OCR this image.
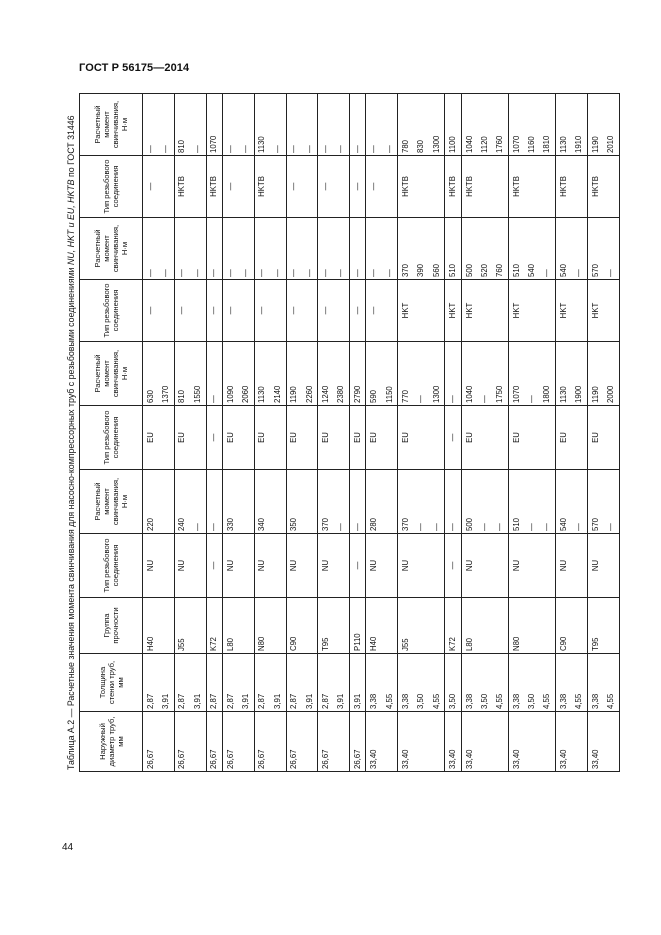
ГОСТ Р 56175—2014
Таблица А.2 — Расчетные значения момента свинчивания для насосно-компрессорных труб с резьбовыми соединениями NU, HKT и EU, HKTB по ГОСТ 31446
Наружный диаметр труб, мм	Толщина стенки труб, мм	Группа прочности	Тип резьбового соединения	Расчетный момент свинчивания, Н·м	Тип резьбового соединения	Расчетный момент свинчивания, Н·м	Тип резьбового соединения	Расчетный момент свинчивания, Н·м	Тип резьбового соединения	Расчетный момент свинчивания, Н·м
26,67	2,87	H40	NU	220	EU	630	—	—	—	—
	3,91					1370		—		—
26,67	2,87	J55	NU	240	EU	810	—	—	HKTB	810
	3,91			—		1550		—		—
26,67	2,87	K72	—	—	—	—	—	—	HKTB	1070
26,67	2,87	L80	NU	330	EU	1090	—	—	—	—
	3,91					2060		—		—
26,67	2,87	N80	NU	340	EU	1130	—	—	HKTB	1130
	3,91					2140		—		—
26,67	2,87	C90	NU	350	EU	1190	—	—	—	—
	3,91					2260		—		—
26,67	2,87	T95	NU	370	EU	1240	—	—	—	—
	3,91			—		2380		—		—
26,67	3,91	P110	—	—	EU	2790	—	—	—	—
33,40	3,38	H40	NU	280	EU	590	—	—	—	—
	4,55					1150		—		—
33,40	3,38	J55	NU	370	EU	770	HKT	370	HKTB	780
	3,50			—		—		390		830
	4,55			—		1300		560		1300
33,40	3,50	K72	—	—	—	—	HKT	510	HKTB	1100
33,40	3,38	L80	NU	500	EU	1040	HKT	500	HKTB	1040
	3,50			—		—		520		1120
	4,55			—		1750		760		1760
33,40	3,38	N80	NU	510	EU	1070	HKT	510	HKTB	1070
	3,50			—		—		540		1160
	4,55			—		1800		—		1810
33,40	3,38	C90	NU	540	EU	1130	HKT	540	HKTB	1130
	4,55			—		1900		—		1910
33,40	3,38	T95	NU	570	EU	1190	HKT	570	HKTB	1190
	4,55			—		2000		—		2010
44
